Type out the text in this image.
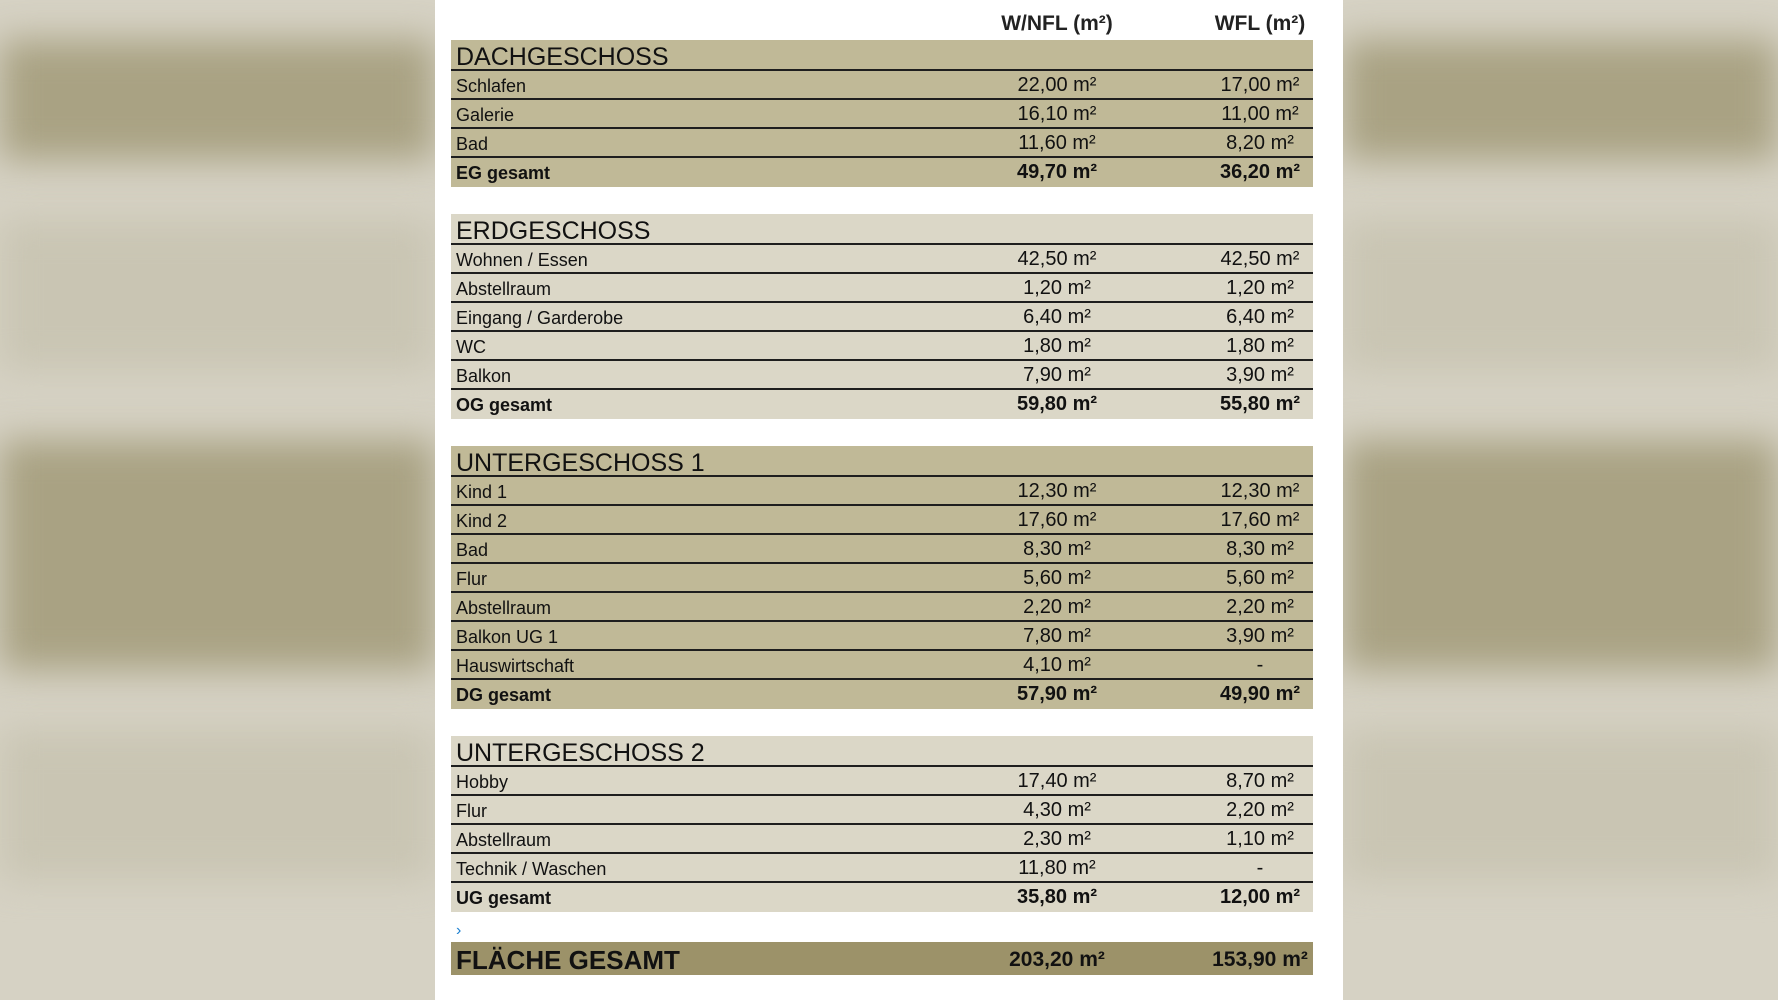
W/NFL (m²)	WFL (m²)
DACHGESCHOSS
Schlafen	22,00 m²	17,00 m²
Galerie	16,10 m²	11,00 m²
Bad	11,60 m²	8,20 m²
EG gesamt	49,70 m²	36,20 m²
ERDGESCHOSS
Wohnen / Essen	42,50 m²	42,50 m²
Abstellraum	1,20 m²	1,20 m²
Eingang / Garderobe	6,40 m²	6,40 m²
WC	1,80 m²	1,80 m²
Balkon	7,90 m²	3,90 m²
OG gesamt	59,80 m²	55,80 m²
UNTERGESCHOSS 1
Kind 1	12,30 m²	12,30 m²
Kind 2	17,60 m²	17,60 m²
Bad	8,30 m²	8,30 m²
Flur	5,60 m²	5,60 m²
Abstellraum	2,20 m²	2,20 m²
Balkon UG 1	7,80 m²	3,90 m²
Hauswirtschaft	4,10 m²	-
DG gesamt	57,90 m²	49,90 m²
UNTERGESCHOSS 2
Hobby	17,40 m²	8,70 m²
Flur	4,30 m²	2,20 m²
Abstellraum	2,30 m²	1,10 m²
Technik / Waschen	11,80 m²	-
UG gesamt	35,80 m²	12,00 m²
›
FLÄCHE GESAMT	203,20 m²	153,90 m²
